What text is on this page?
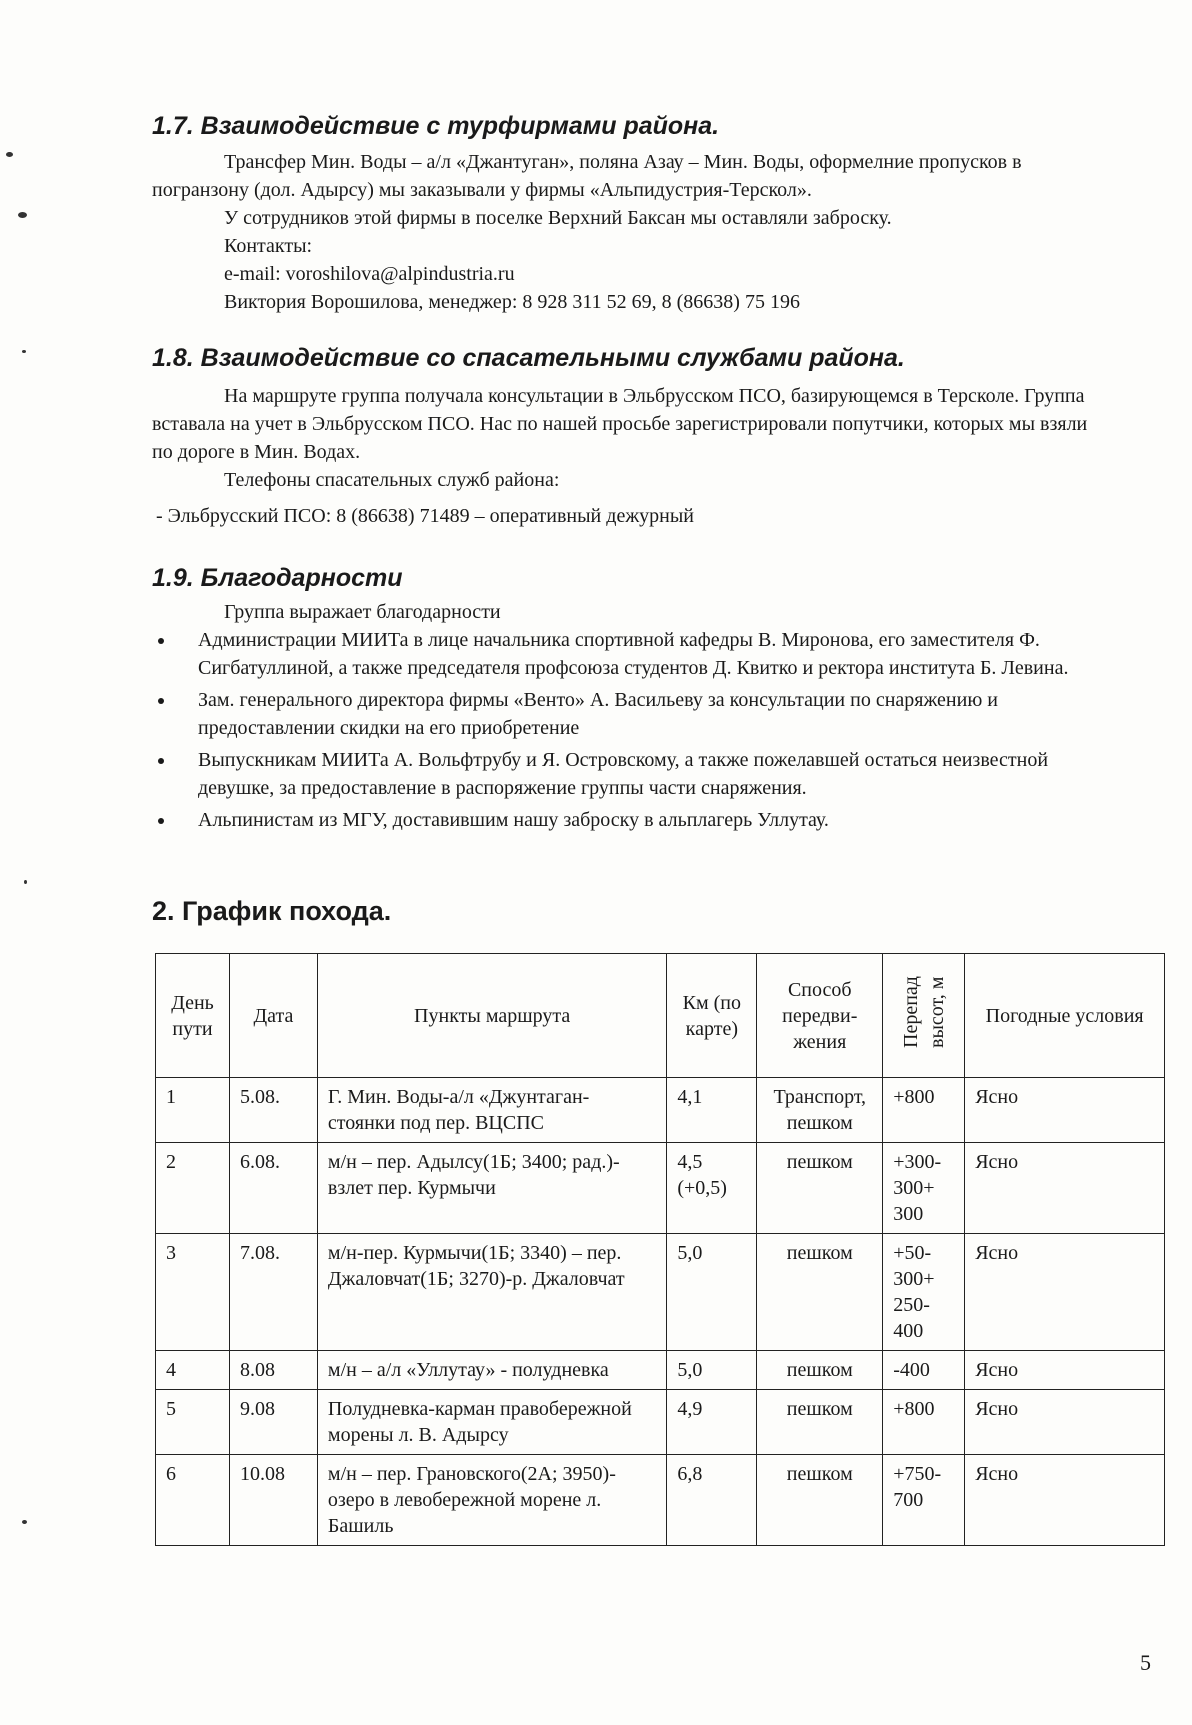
1.7. Взаимодействие с турфирмами района.

Трансфер Мин. Воды – а/л «Джантуган», поляна Азау – Мин. Воды, оформелние пропусков в погранзону (дол. Адырсу) мы заказывали у фирмы «Альпидустрия-Терскол».

У сотрудников этой фирмы в поселке Верхний Баксан мы оставляли заброску.

Контакты:

e-mail: voroshilova@alpindustria.ru

Виктория Ворошилова, менеджер: 8 928 311 52 69, 8 (86638) 75 196

1.8. Взаимодействие со спасательными службами района.

На маршруте группа получала консультации в Эльбрусском ПСО, базирующемся в Терсколе. Группа вставала на учет в Эльбрусском ПСО. Нас по нашей просьбе зарегистрировали попутчики, которых мы взяли по дороге в Мин. Водах.

Телефоны спасательных служб района:

- Эльбрусский ПСО: 8 (86638) 71489 – оперативный дежурный

1.9. Благодарности

Группа выражает благодарности

Администрации МИИТа в лице начальника спортивной кафедры В. Миронова, его заместителя Ф. Сигбатуллиной, а также председателя профсоюза студентов Д. Квитко и ректора института Б. Левина.
Зам. генерального директора фирмы «Венто» А. Васильеву за консультации по снаряжению и предоставлении скидки на его приобретение
Выпускникам МИИТа А. Вольфтрубу и Я. Островскому, а также пожелавшей остаться неизвестной девушке, за предоставление в распоряжение группы части снаряжения.
Альпинистам из МГУ, доставившим нашу заброску в альплагерь Уллутау.
2. График похода.
День пути	Дата	Пункты маршрута	Км (по карте)	Способ передви-жения	Перепад высот, м	Погодные условия
1	5.08.	Г. Мин. Воды-а/л «Джунтаган-стоянки под пер. ВЦСПС	4,1	Транспорт, пешком	+800	Ясно
2	6.08.	м/н – пер. Адылсу(1Б; 3400; рад.)- взлет пер. Курмычи	4,5 (+0,5)	пешком	+300-300+ 300	Ясно
3	7.08.	м/н-пер. Курмычи(1Б; 3340) – пер. Джаловчат(1Б; 3270)-р. Джаловчат	5,0	пешком	+50-300+ 250-400	Ясно
4	8.08	м/н – а/л «Уллутау» - полудневка	5,0	пешком	-400	Ясно
5	9.08	Полудневка-карман правобережной морены л. В. Адырсу	4,9	пешком	+800	Ясно
6	10.08	м/н – пер. Грановского(2А; 3950)-озеро в левобережной морене л. Башиль	6,8	пешком	+750-700	Ясно
5
